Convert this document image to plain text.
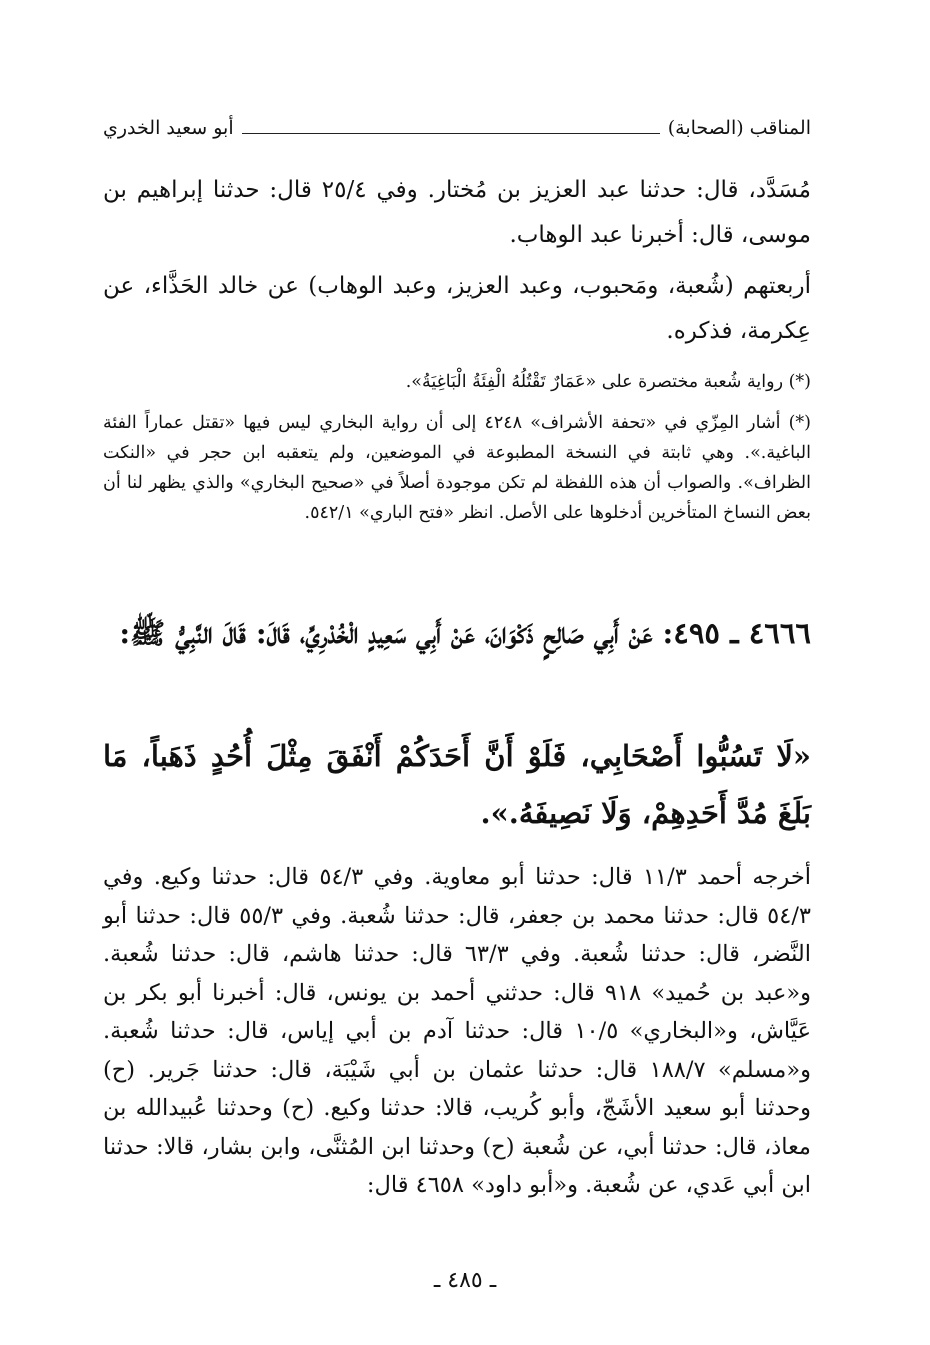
المناقب (الصحابة)
أبو سعيد الخدري
مُسَدَّد، قال: حدثنا عبد العزيز بن مُختار. وفي ٢٥/٤ قال: حدثنا إبراهيم بن موسى، قال: أخبرنا عبد الوهاب.
أربعتهم (شُعبة، ومَحبوب، وعبد العزيز، وعبد الوهاب) عن خالد الحَذَّاء، عن عِكرمة، فذكره.
(*) رواية شُعبة مختصرة على «عَمَارٌ تَقْتُلُهُ الْفِئَةُ الْبَاغِيَةُ».
(*) أشار المِزّي في «تحفة الأشراف» ٤٢٤٨ إلى أن رواية البخاري ليس فيها «تقتل عماراً الفئة الباغية.». وهي ثابتة في النسخة المطبوعة في الموضعين، ولم يتعقبه ابن حجر في «النكت الظراف». والصواب أن هذه اللفظة لم تكن موجودة أصلاً في «صحيح البخاري» والذي يظهر لنا أن بعض النساخ المتأخرين أدخلوها على الأصل. انظر «فتح الباري» ٥٤٢/١.
٤٦٦٦ ـ ٤٩٥: عَنْ أَبِي صَالِحٍ ذَكْوَانَ، عَنْ أَبِي سَعِيدٍ الْخُدْرِيِّ، قَالَ: قَالَ النَّبِيُّ ﷺ:
«لَا تَسُبُّوا أَصْحَابِي، فَلَوْ أَنَّ أَحَدَكُمْ أَنْفَقَ مِثْلَ أُحُدٍ ذَهَباً، مَا بَلَغَ مُدَّ أَحَدِهِمْ، وَلَا نَصِيفَهُ.».
أخرجه أحمد ١١/٣ قال: حدثنا أبو معاوية. وفي ٥٤/٣ قال: حدثنا وكيع. وفي ٥٤/٣ قال: حدثنا محمد بن جعفر، قال: حدثنا شُعبة. وفي ٥٥/٣ قال: حدثنا أبو النَّضر، قال: حدثنا شُعبة. وفي ٦٣/٣ قال: حدثنا هاشم، قال: حدثنا شُعبة. و«عبد بن حُميد» ٩١٨ قال: حدثني أحمد بن يونس، قال: أخبرنا أبو بكر بن عَيَّاش، و«البخاري» ١٠/٥ قال: حدثنا آدم بن أبي إياس، قال: حدثنا شُعبة. و«مسلم» ١٨٨/٧ قال: حدثنا عثمان بن أبي شَيْبَة، قال: حدثنا جَرير. (ح) وحدثنا أبو سعيد الأشَجّ، وأبو كُريب، قالا: حدثنا وكيع. (ح) وحدثنا عُبيدالله بن معاذ، قال: حدثنا أبي، عن شُعبة (ح) وحدثنا ابن المُثنَّى، وابن بشار، قالا: حدثنا ابن أبي عَدي، عن شُعبة. و«أبو داود» ٤٦٥٨ قال:
ـ ٤٨٥ ـ
